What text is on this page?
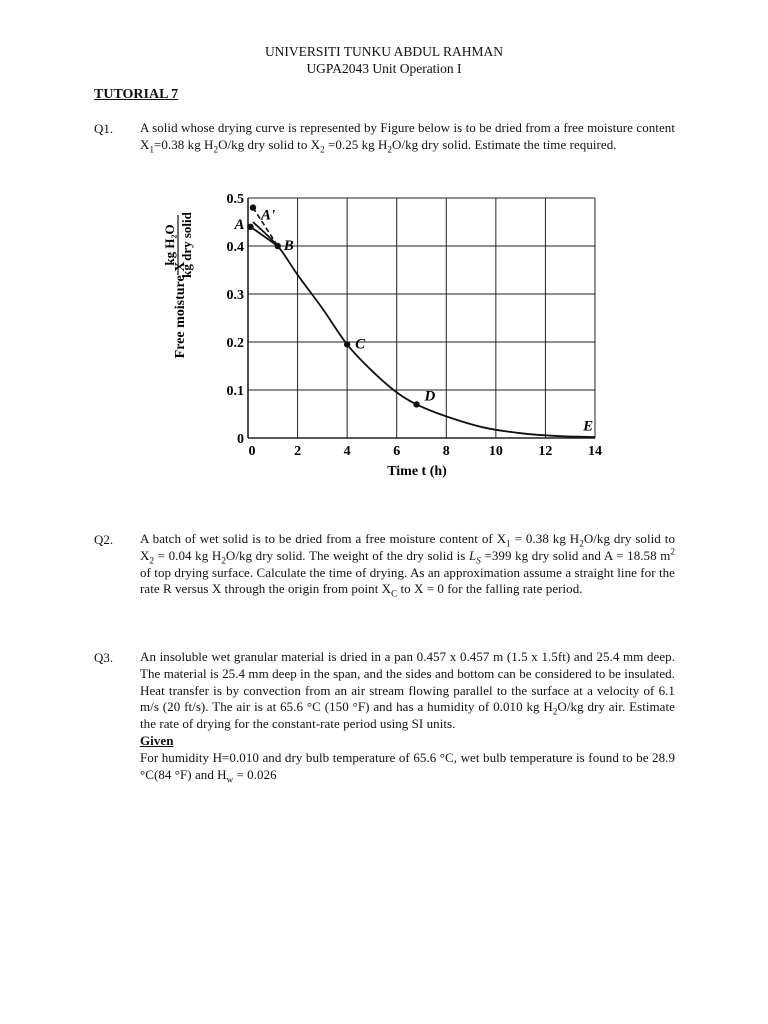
UNIVERSITI TUNKU ABDUL RAHMAN
UGPA2043 Unit Operation I
TUTORIAL 7
Q1. A solid whose drying curve is represented by Figure below is to be dried from a free moisture content $X_1=0.38$ kg $H_2O/kg$ dry solid to $X_2 =0.25$ kg $H_2O/kg$ dry solid. Estimate the time required.
0	2	4	6	8	10	12	14
0
0.1
0.2
0.3
0.4
0.5
A'
A
B
C
D
E
Time t (h)
Free moisture X
kg H₂O kg dry solid
Q2. A batch of wet solid is to be dried from a free moisture content of $X_1 = 0.38$ kg $H_2O/kg$ dry solid to $X_2 = 0.04$ kg $H_2O/kg$ dry solid. The weight of the dry solid is $L_S =399$ kg dry solid and A = 18.58 $m^2$ of top drying surface. Calculate the time of drying. As an approximation assume a straight line for the rate R versus X through the origin from point $X_C$ to X = 0 for the falling rate period.
Q3. An insoluble wet granular material is dried in a pan 0.457 x 0.457 m (1.5 x 1.5ft) and 25.4 mm deep. The material is 25.4 mm deep in the span, and the sides and bottom can be considered to be insulated. Heat transfer is by convection from an air stream flowing parallel to the surface at a velocity of 6.1 m/s (20 ft/s). The air is at 65.6 °C (150 °F) and has a humidity of 0.010 kg $H_2O/kg$ dry air. Estimate the rate of drying for the constant-rate period using SI units.
Given
For humidity H=0.010 and dry bulb temperature of 65.6 °C, wet bulb temperature is found to be 28.9 °C(84 °F) and $H_w = 0.026$
